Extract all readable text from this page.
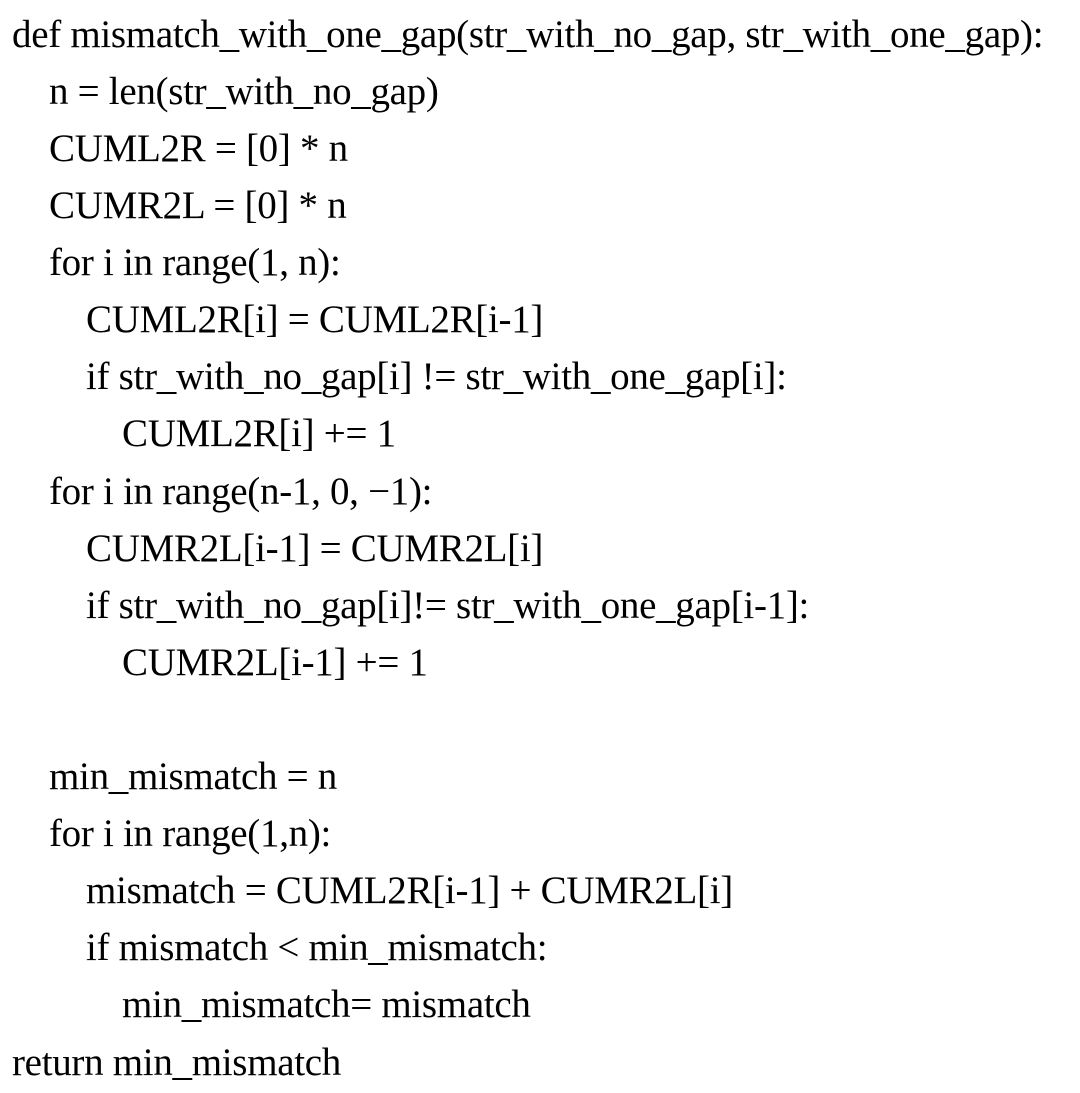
def mismatch_with_one_gap(str_with_no_gap, str_with_one_gap):
n = len(str_with_no_gap)
CUML2R = [0] * n
CUMR2L = [0] * n
for i in range(1, n):
CUML2R[i] = CUML2R[i-1]
if str_with_no_gap[i] != str_with_one_gap[i]:
CUML2R[i] += 1
for i in range(n-1, 0, −1):
CUMR2L[i-1] = CUMR2L[i]
if str_with_no_gap[i]!= str_with_one_gap[i-1]:
CUMR2L[i-1] += 1
min_mismatch = n
for i in range(1,n):
mismatch = CUML2R[i-1] + CUMR2L[i]
if mismatch < min_mismatch:
min_mismatch= mismatch
return min_mismatch
